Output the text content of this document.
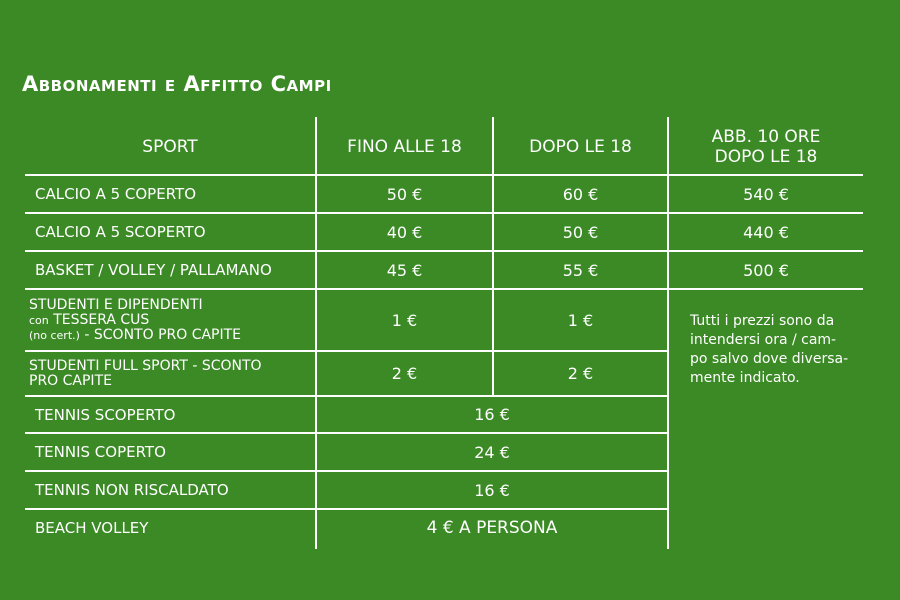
Abbonamenti e Affitto Campi
SPORT	FINO ALLE 18	DOPO LE 18	ABB. 10 ORE
DOPO LE 18
CALCIO A 5 COPERTO	50 €	60 €	540 €
CALCIO A 5 SCOPERTO	40 €	50 €	440 €
BASKET / VOLLEY / PALLAMANO	45 €	55 €	500 €
STUDENTI E DIPENDENTI
con TESSERA CUS
(no cert.) - SCONTO PRO CAPITE
1 €	1 €
STUDENTI FULL SPORT - SCONTO
PRO CAPITE	2 €	2 €
TENNIS SCOPERTO	16 €
TENNIS COPERTO	24 €
TENNIS NON RISCALDATO	16 €
BEACH VOLLEY	4 € A PERSONA
Tutti i prezzi sono da
intendersi ora / cam-
po salvo dove diversa-
mente indicato.
